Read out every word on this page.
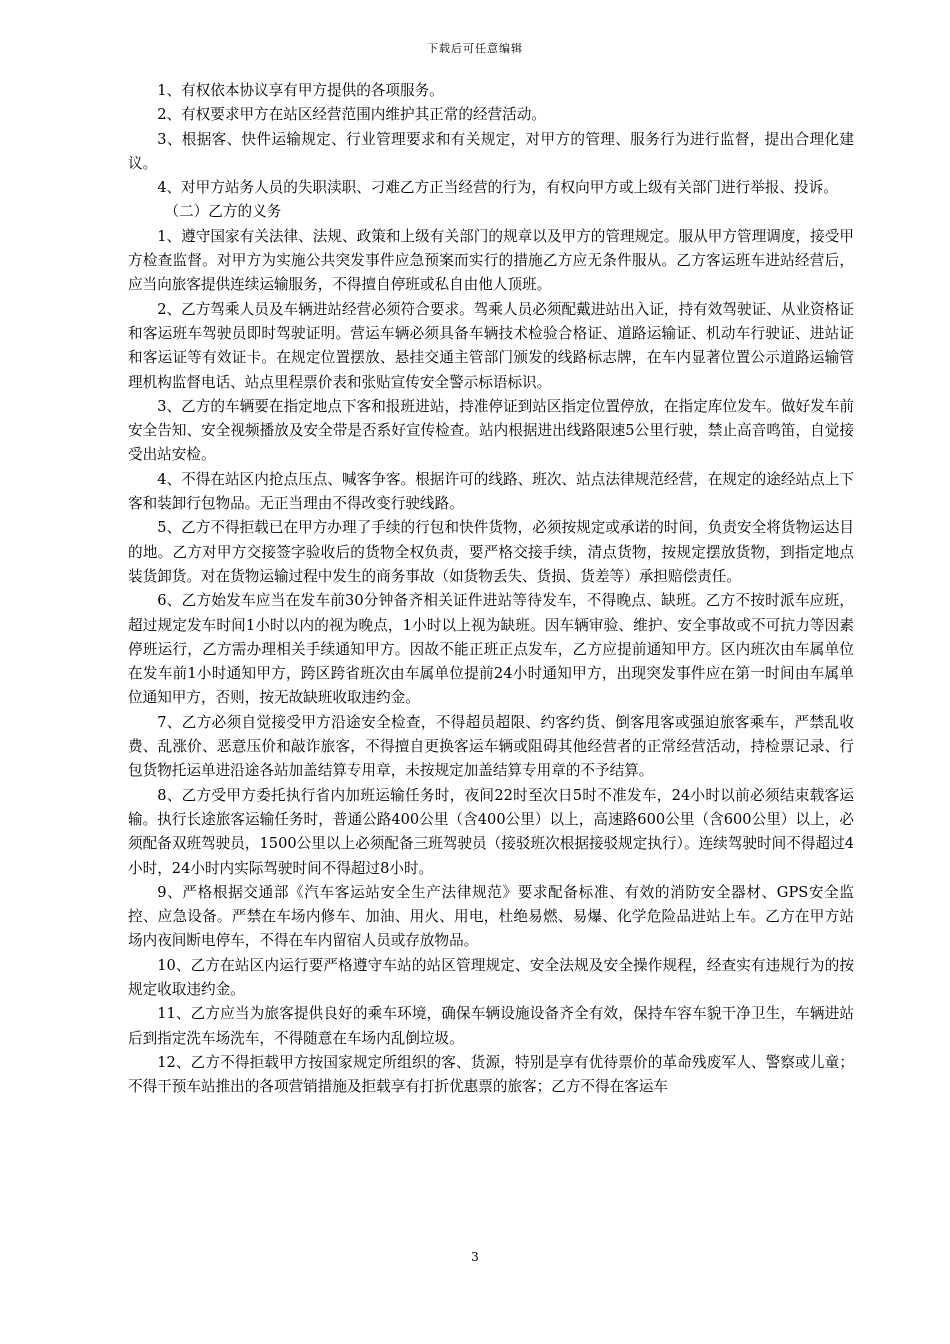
下载后可任意编辑

1、有权依本协议享有甲方提供的各项服务。

2、有权要求甲方在站区经营范围内维护其正常的经营活动。

3、根据客、快件运输规定、行业管理要求和有关规定，对甲方的管理、服务行为进行监督，提出合理化建议。

4、对甲方站务人员的失职渎职、刁难乙方正当经营的行为，有权向甲方或上级有关部门进行举报、投诉。

（二）乙方的义务

1、遵守国家有关法律、法规、政策和上级有关部门的规章以及甲方的管理规定。服从甲方管理调度，接受甲方检查监督。对甲方为实施公共突发事件应急预案而实行的措施乙方应无条件服从。乙方客运班车进站经营后，应当向旅客提供连续运输服务，不得擅自停班或私自由他人顶班。

2、乙方驾乘人员及车辆进站经营必须符合要求。驾乘人员必须配戴进站出入证，持有效驾驶证、从业资格证和客运班车驾驶员即时驾驶证明。营运车辆必须具备车辆技术检验合格证、道路运输证、机动车行驶证、进站证和客运证等有效证卡。在规定位置摆放、悬挂交通主管部门颁发的线路标志牌，在车内显著位置公示道路运输管理机构监督电话、站点里程票价表和张贴宣传安全警示标语标识。

3、乙方的车辆要在指定地点下客和报班进站，持准停证到站区指定位置停放，在指定库位发车。做好发车前安全告知、安全视频播放及安全带是否系好宣传检查。站内根据进出线路限速5公里行驶，禁止高音鸣笛，自觉接受出站安检。

4、不得在站区内抢点压点、喊客争客。根据许可的线路、班次、站点法律规范经营，在规定的途经站点上下客和装卸行包物品。无正当理由不得改变行驶线路。

5、乙方不得拒载已在甲方办理了手续的行包和快件货物，必须按规定或承诺的时间，负责安全将货物运达目的地。乙方对甲方交接签字验收后的货物全权负责，要严格交接手续，清点货物，按规定摆放货物，到指定地点装货卸货。对在货物运输过程中发生的商务事故（如货物丢失、货损、货差等）承担赔偿责任。

6、乙方始发车应当在发车前30分钟备齐相关证件进站等待发车，不得晚点、缺班。乙方不按时派车应班，超过规定发车时间1小时以内的视为晚点，1小时以上视为缺班。因车辆审验、维护、安全事故或不可抗力等因素停班运行，乙方需办理相关手续通知甲方。因故不能正班正点发车，乙方应提前通知甲方。区内班次由车属单位在发车前1小时通知甲方，跨区跨省班次由车属单位提前24小时通知甲方，出现突发事件应在第一时间由车属单位通知甲方，否则，按无故缺班收取违约金。

7、乙方必须自觉接受甲方沿途安全检查，不得超员超限、约客约货、倒客甩客或强迫旅客乘车，严禁乱收费、乱涨价、恶意压价和敲诈旅客，不得擅自更换客运车辆或阻碍其他经营者的正常经营活动，持检票记录、行包货物托运单进沿途各站加盖结算专用章，未按规定加盖结算专用章的不予结算。

8、乙方受甲方委托执行省内加班运输任务时，夜间22时至次日5时不准发车，24小时以前必须结束载客运输。执行长途旅客运输任务时，普通公路400公里（含400公里）以上，高速路600公里（含600公里）以上，必须配备双班驾驶员，1500公里以上必须配备三班驾驶员（接驳班次根据接驳规定执行）。连续驾驶时间不得超过4小时，24小时内实际驾驶时间不得超过8小时。

9、严格根据交通部《汽车客运站安全生产法律规范》要求配备标准、有效的消防安全器材、GPS安全监控、应急设备。严禁在车场内修车、加油、用火、用电，杜绝易燃、易爆、化学危险品进站上车。乙方在甲方站场内夜间断电停车，不得在车内留宿人员或存放物品。

10、乙方在站区内运行要严格遵守车站的站区管理规定、安全法规及安全操作规程，经查实有违规行为的按规定收取违约金。

11、乙方应当为旅客提供良好的乘车环境，确保车辆设施设备齐全有效，保持车容车貌干净卫生，车辆进站后到指定洗车场洗车，不得随意在车场内乱倒垃圾。

12、乙方不得拒载甲方按国家规定所组织的客、货源，特别是享有优待票价的革命残废军人、警察或儿童；不得干预车站推出的各项营销措施及拒载享有打折优惠票的旅客；乙方不得在客运车

3
